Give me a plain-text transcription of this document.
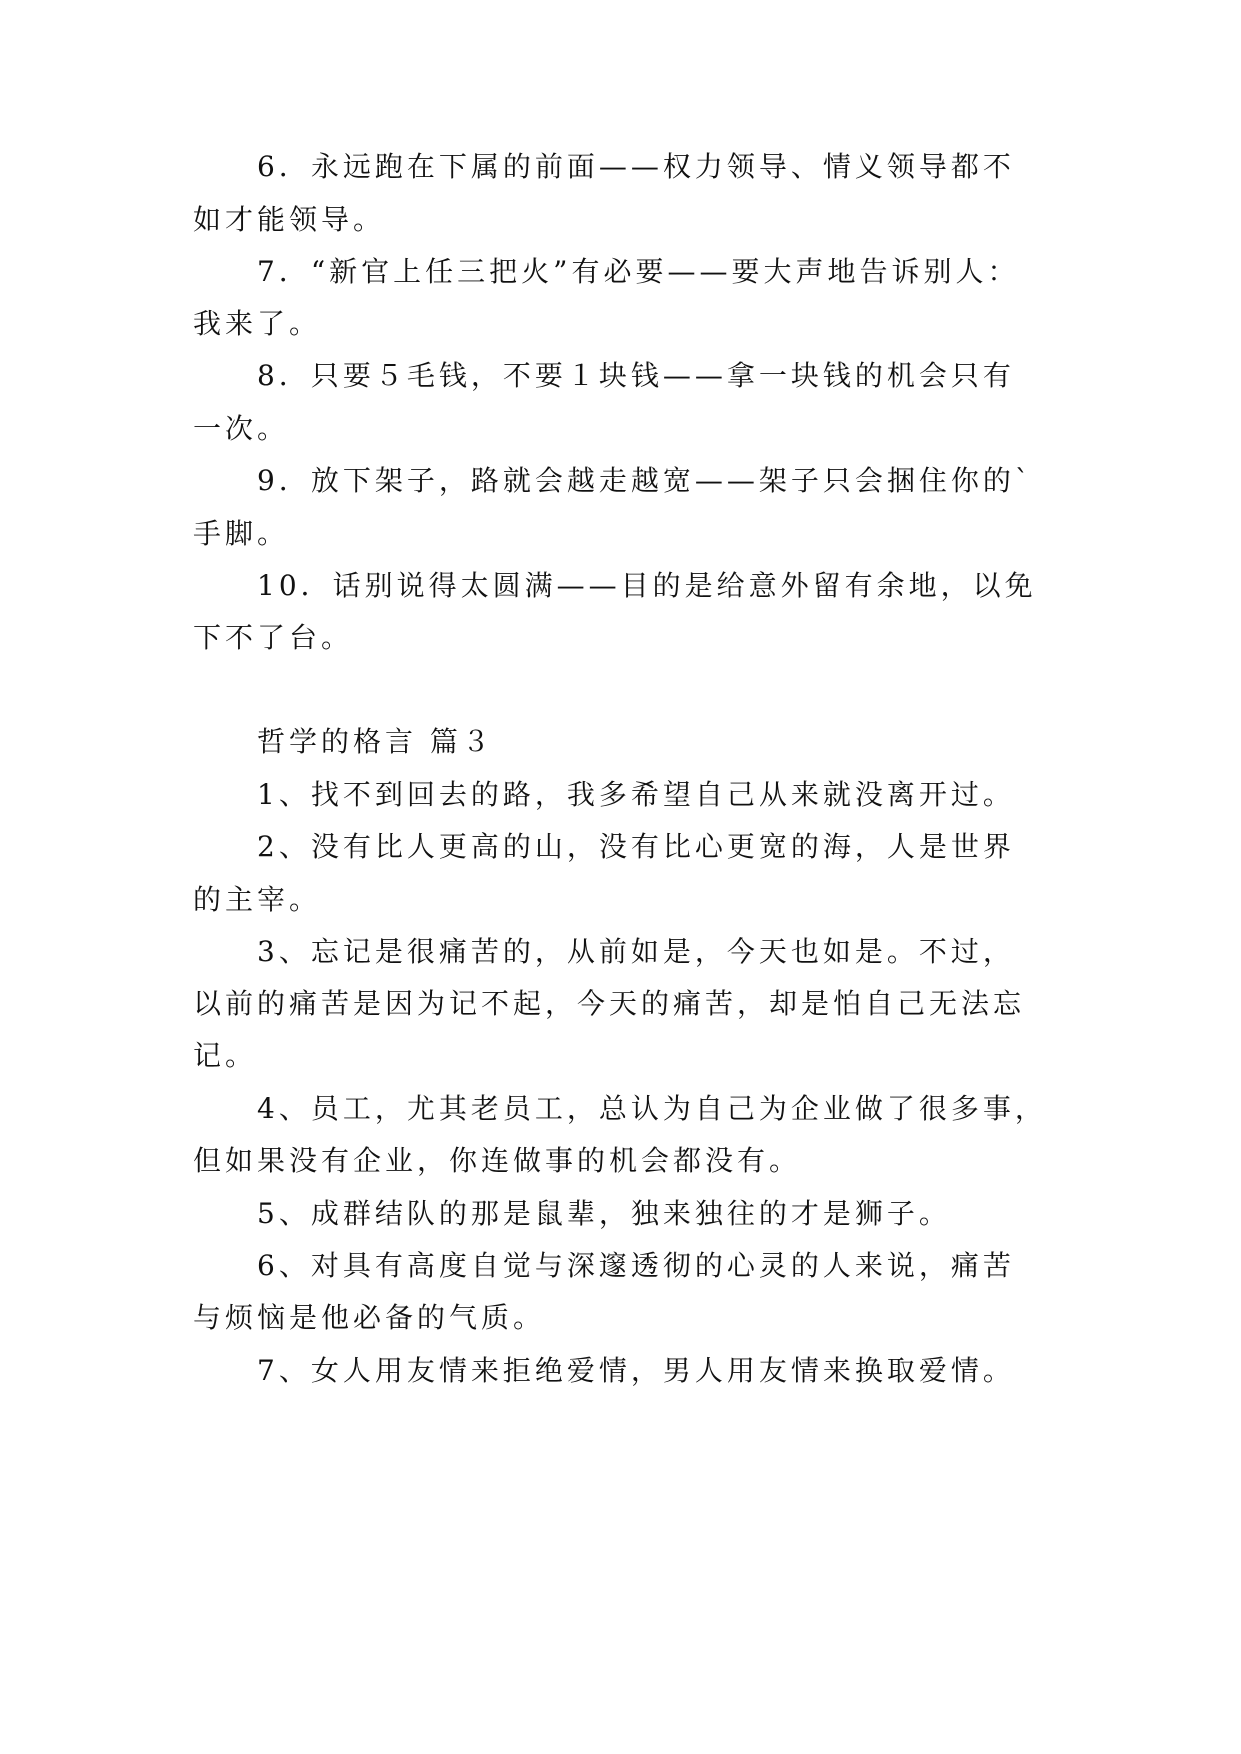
6．永远跑在下属的前面——权力领导、情义领导都不
如才能领导。
7．“新官上任三把火”有必要——要大声地告诉别人：
我来了。
8．只要５毛钱，不要１块钱——拿一块钱的机会只有
一次。
9．放下架子，路就会越走越宽——架子只会捆住你的`
手脚。
10．话别说得太圆满——目的是给意外留有余地，以免
下不了台。
哲学的格言 篇３
1、找不到回去的路，我多希望自己从来就没离开过。
2、没有比人更高的山，没有比心更宽的海，人是世界
的主宰。
3、忘记是很痛苦的，从前如是，今天也如是。不过，
以前的痛苦是因为记不起，今天的痛苦，却是怕自己无法忘
记。
4、员工，尤其老员工，总认为自己为企业做了很多事，
但如果没有企业，你连做事的机会都没有。
5、成群结队的那是鼠辈，独来独往的才是狮子。
6、对具有高度自觉与深邃透彻的心灵的人来说，痛苦
与烦恼是他必备的气质。
7、女人用友情来拒绝爱情，男人用友情来换取爱情。
